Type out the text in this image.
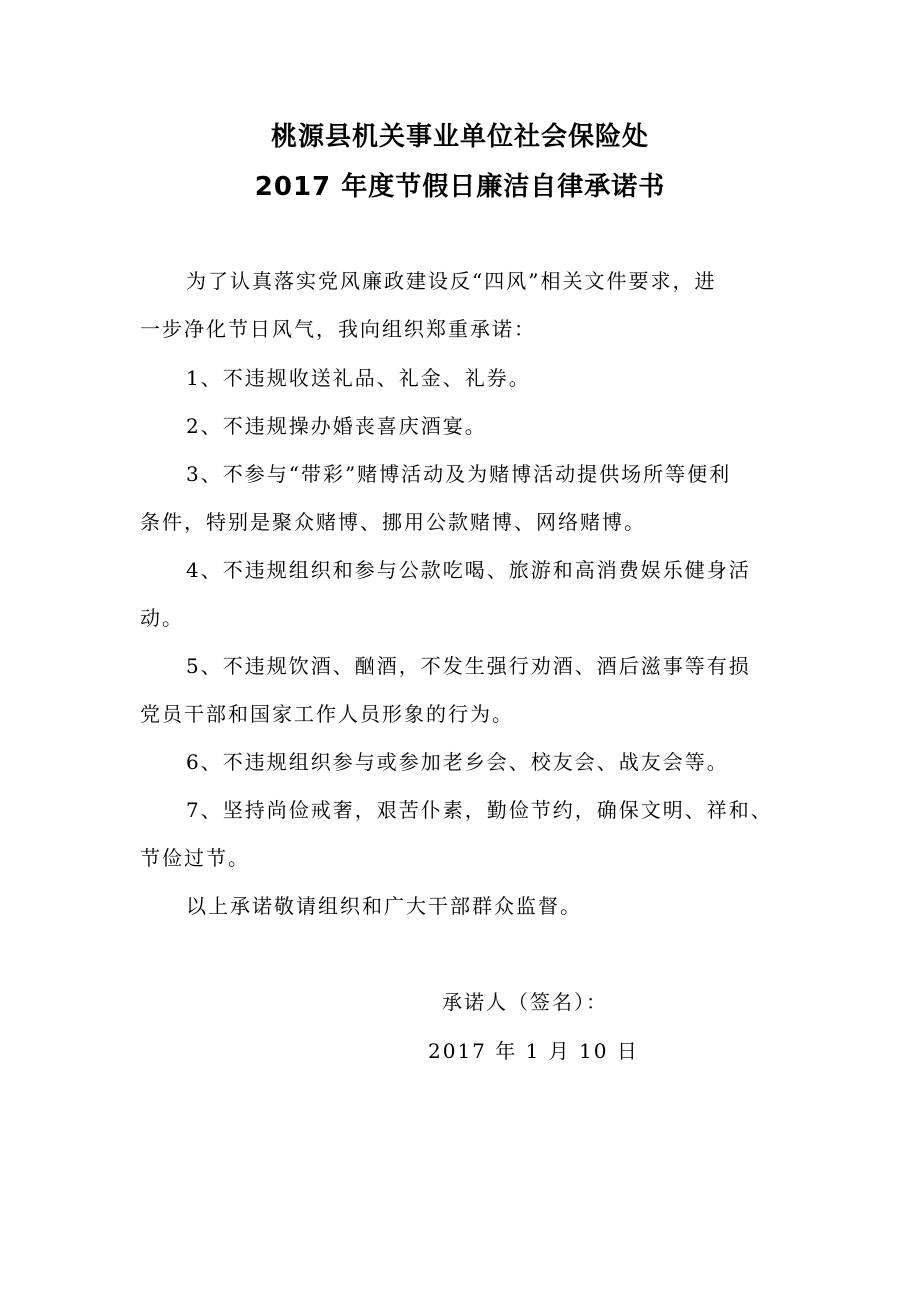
桃源县机关事业单位社会保险处
2017 年度节假日廉洁自律承诺书
为了认真落实党风廉政建设反“四风”相关文件要求，进
一步净化节日风气，我向组织郑重承诺：
1、不违规收送礼品、礼金、礼券。
2、不违规操办婚丧喜庆酒宴。
3、不参与“带彩”赌博活动及为赌博活动提供场所等便利
条件，特别是聚众赌博、挪用公款赌博、网络赌博。
4、不违规组织和参与公款吃喝、旅游和高消费娱乐健身活
动。
5、不违规饮酒、酗酒，不发生强行劝酒、酒后滋事等有损
党员干部和国家工作人员形象的行为。
6、不违规组织参与或参加老乡会、校友会、战友会等。
7、坚持尚俭戒奢，艰苦仆素，勤俭节约，确保文明、祥和、
节俭过节。
以上承诺敬请组织和广大干部群众监督。
承诺人（签名）：
2017 年 1 月 10 日
